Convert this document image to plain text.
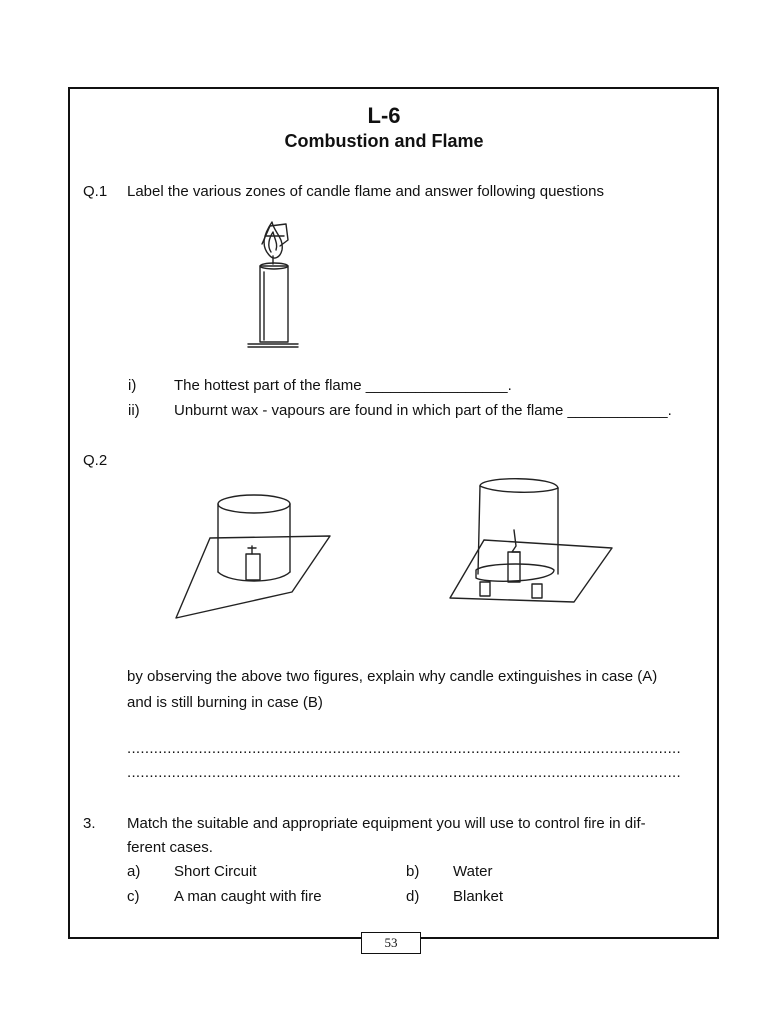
L-6
Combustion and Flame
Q.1 Label the various zones of candle flame and answer following questions
i)	The hottest part of the flame _________________.
ii) Unburnt wax - vapours are found in which part of the flame ____________.
Q.2
by observing the above two figures, explain why candle extinguishes in case (A)
and is still burning in case (B)
............................................................................................................................
............................................................................................................................
3. Match the suitable and appropriate equipment you will use to control fire in dif-
ferent cases.
a) Short Circuit	b) Water
c) A man caught with fire	d) Blanket
53
